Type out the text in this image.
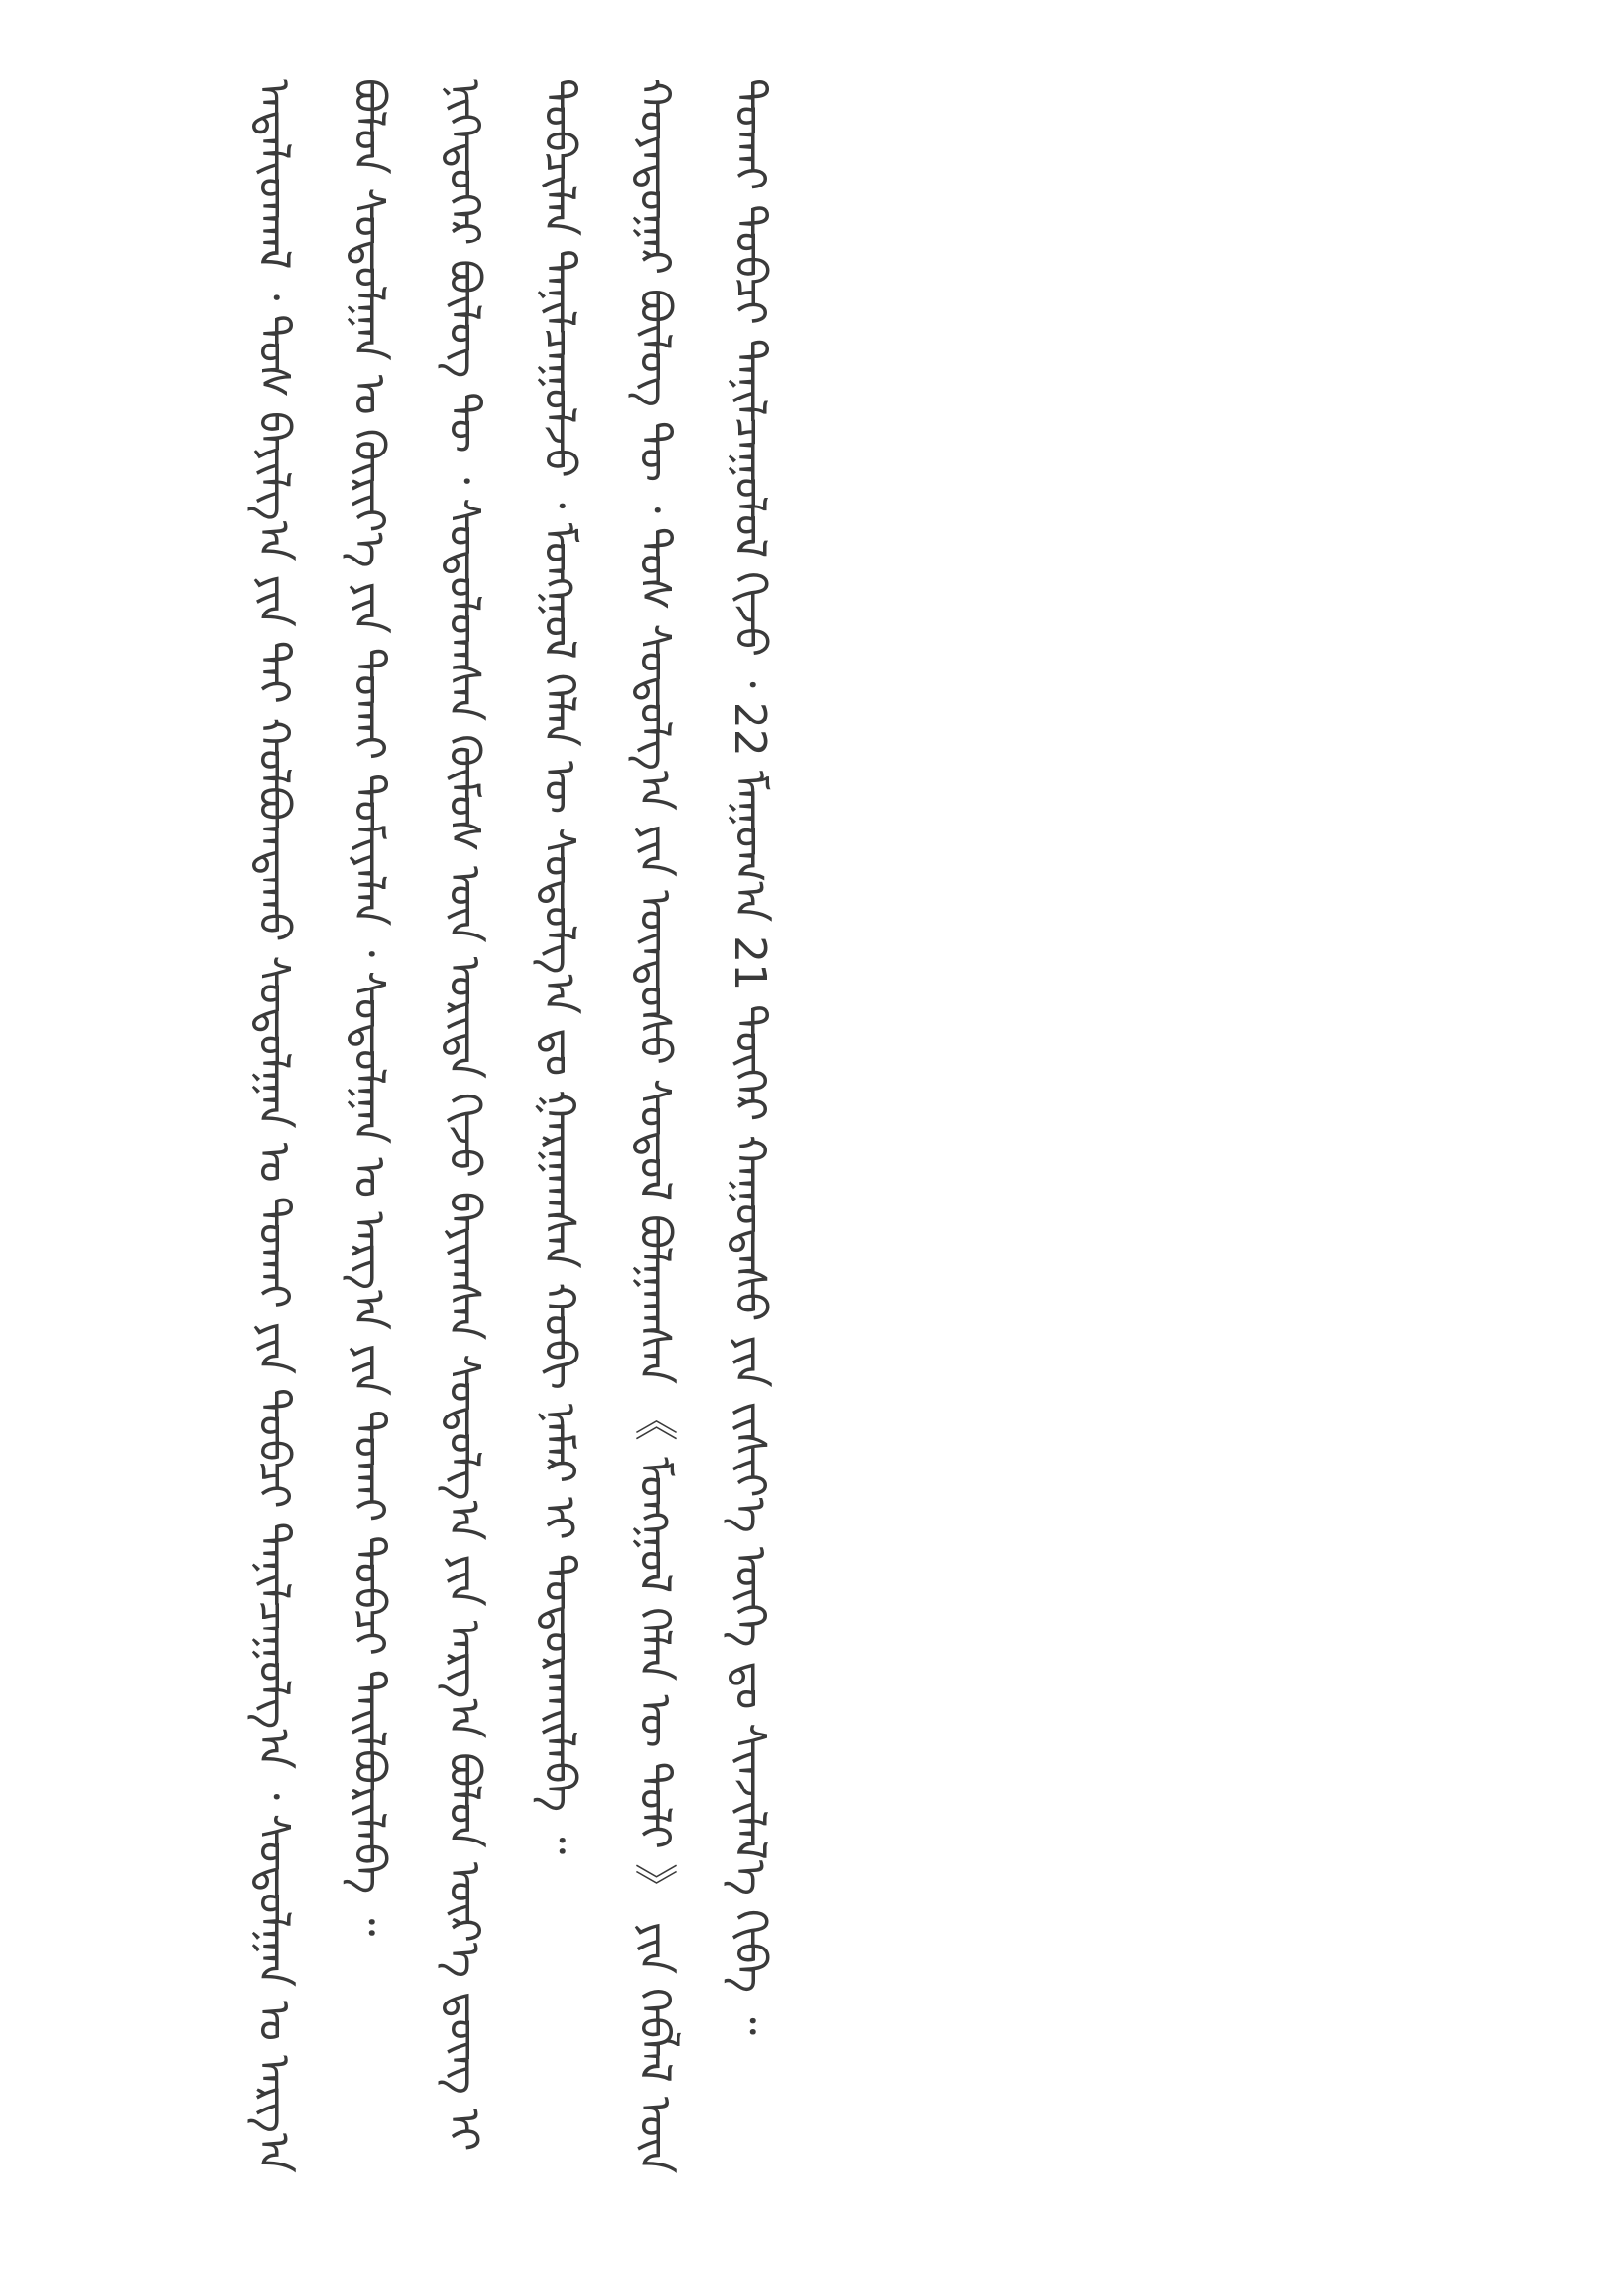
ᠠᠳᠠᠯᠢᠳᠬᠠᠯ ᠂ ᠲᠤᠰ ᠪᠠᠶᠢᠯᠭ᠎ᠠ ᠶᠢᠨ ᠲᠠᠢ ᠬᠣᠯᠪᠣᠭᠳᠠᠬᠤ ᠰᠤᠳᠤᠯᠭᠠᠨ ᠤ ᠲᠤᠬᠠᠢ ᠶᠢᠨ ᠲᠣᠪᠴᠢ ᠲᠠᠨᠢᠯᠴᠠᠭᠤᠯᠭ᠎ᠠ ᠂ ᠰᠤᠳᠤᠯᠭᠠᠨ ᠤ ᠠᠷᠭ᠎ᠠ ᠪᠣᠯᠣᠨ ᠰᠤᠳᠤᠯᠭᠠᠨ ᠤ ᠬᠦᠷᠢᠶ᠎ᠡ ᠶᠢᠨ ᠲᠤᠬᠠᠢ ᠲᠣᠮᠢᠶᠠᠯᠠᠨ ᠂ ᠰᠤᠳᠤᠯᠭᠠᠨ ᠤ ᠠᠷᠭ᠎ᠠ ᠶᠢᠨ ᠲᠤᠬᠠᠢ ᠲᠣᠪᠴᠢ ᠲᠠᠢᠯᠪᠤᠷᠢᠯᠠᠪᠠ ᠃	ᠨᠢᠭᠡᠳᠦᠭᠡᠷ ᠪᠦᠯᠦᠭ ᠲᠦ ᠂ ᠰᠤᠳᠤᠯᠤᠭᠰᠠᠨ ᠬᠦᠮᠦᠰ ᠦᠨ ᠤᠷᠢᠳᠠ ᠬᠢᠵᠦ ᠪᠠᠶᠢᠭᠰᠠᠨ ᠰᠤᠳᠤᠯᠭ᠎ᠠ ᠶᠢᠨ ᠠᠷᠭ᠎ᠠ ᠪᠣᠯᠣᠨ ᠦᠷ᠎ᠡ ᠳ᠋ᠦᠩ ᠢ ᠲᠣᠪᠴᠢᠯᠠᠨ ᠲᠠᠨᠢᠯᠴᠠᠭᠤᠯᠵᠤ ᠂ ᠮᠣᠩᠭᠣᠯ ᠬᠡᠯᠡᠨ ᠦ ᠰᠤᠳᠤᠯᠭ᠎ᠠ ᠳᠤ ᠭᠠᠷᠭᠠᠭᠰᠠᠨ ᠬᠤᠪᠢ ᠨᠡᠮᠡᠷ ᠢ ᠲᠣᠳᠣᠷᠬᠠᠢᠯᠠᠪᠠ ᠃	ᠬᠣᠶᠠᠳᠤᠭᠠᠷ ᠪᠦᠯᠦᠭ ᠲᠦ ᠂ ᠲᠤᠰ ᠰᠤᠳᠤᠯᠭ᠎ᠠ ᠶᠢᠨ ᠦᠨᠳᠦᠰᠦ ᠰᠣᠳᠤᠯ ᠪᠣᠯᠭᠠᠭᠰᠠᠨ 《 ᠮᠣᠩᠭᠣᠯ ᠬᠡᠯᠡᠨ ᠦ ᠲᠣᠯᠢ 》 ᠶᠢᠨ ᠬᠡᠪᠯᠡᠯ ᠦᠨ ᠲᠤᠬᠠᠢ ᠲᠣᠪᠴᠢ ᠲᠠᠨᠢᠯᠴᠠᠭᠤᠯᠤᠯ ᠬᠢᠵᠦ ᠂ 22 ᠮᠠᠭᠤᠭ᠎ᠠ 21 ᠳᠦᠭᠡᠷ ᠬᠠᠭᠤᠳᠠᠰᠤ ᠶᠢᠨ ᠵᠢᠱᠢᠶ᠎ᠡ ᠦᠭᠡ ᠳᠤ ᠰᠢᠨᠵᠢᠯᠡᠯ᠎ᠡ ᠬᠢᠪᠡ ᠃
